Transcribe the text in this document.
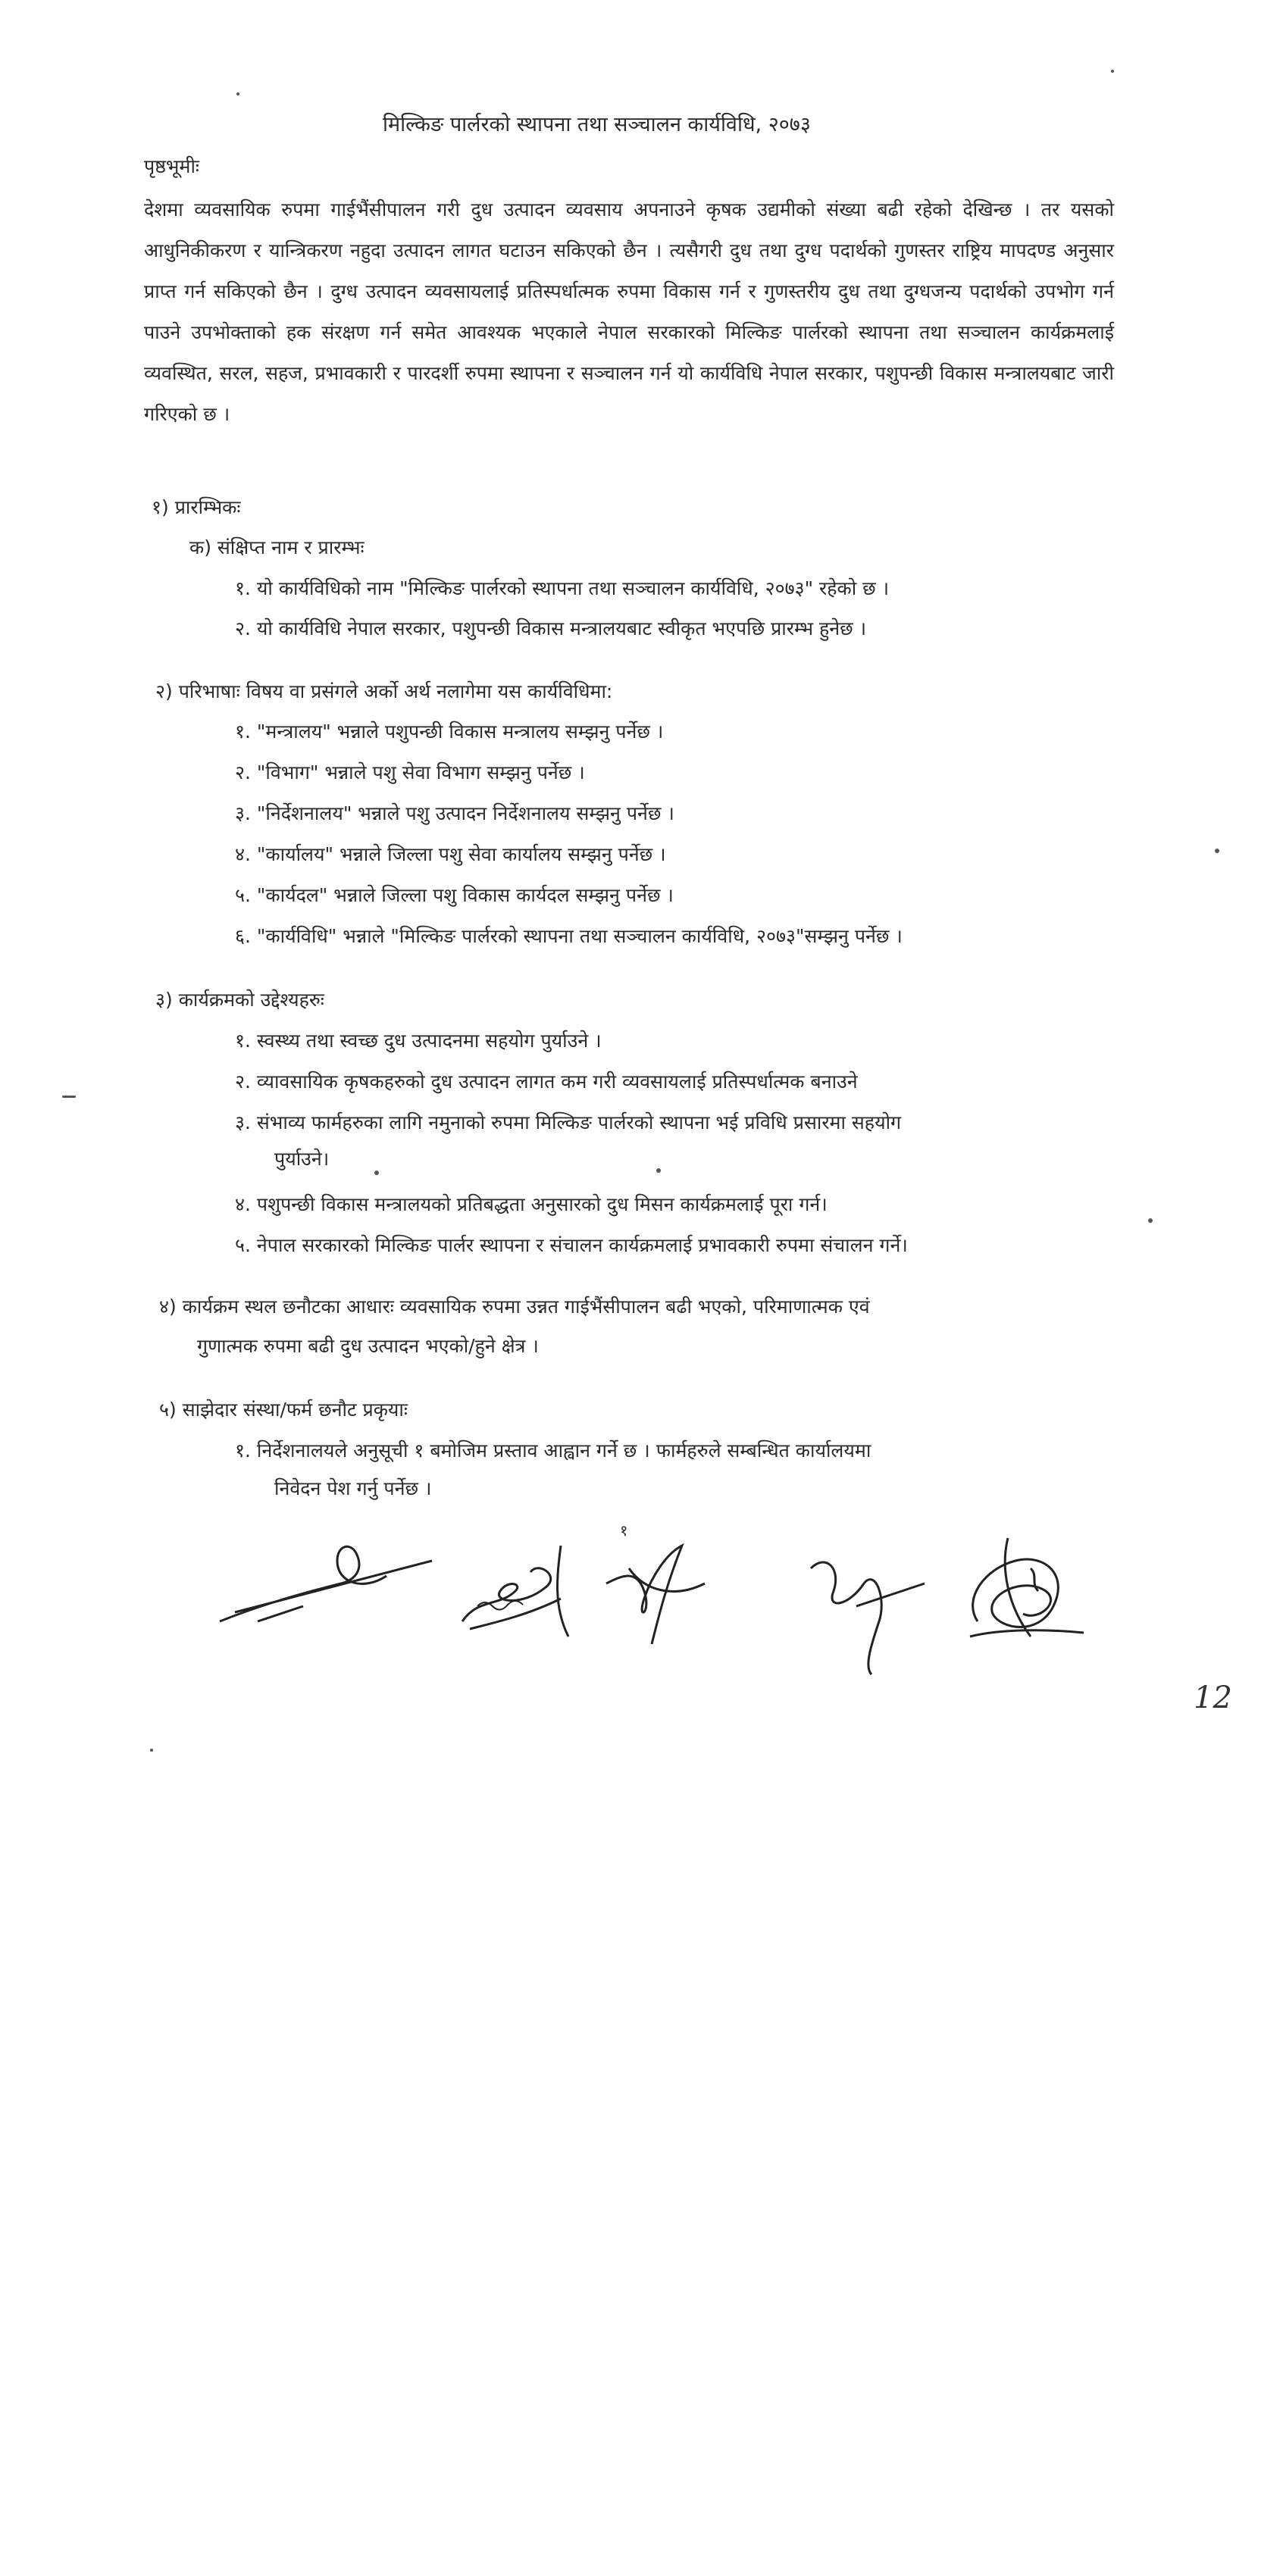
मिल्किङ पार्लरको स्थापना तथा सञ्चालन कार्यविधि, २०७३
पृष्ठभूमीः

देशमा व्यवसायिक रुपमा गाईभैंसीपालन गरी दुध उत्पादन व्यवसाय अपनाउने कृषक उद्यमीको संख्या बढी रहेको देखिन्छ । तर यसको आधुनिकीकरण र यान्त्रिकरण नहुदा उत्पादन लागत घटाउन सकिएको छैन । त्यसैगरी दुध तथा दुग्ध पदार्थको गुणस्तर राष्ट्रिय मापदण्ड अनुसार प्राप्त गर्न सकिएको छैन । दुग्ध उत्पादन व्यवसायलाई प्रतिस्पर्धात्मक रुपमा विकास गर्न र गुणस्तरीय दुध तथा दुग्धजन्य पदार्थको उपभोग गर्न पाउने उपभोक्ताको हक संरक्षण गर्न समेत आवश्यक भएकाले नेपाल सरकारको मिल्किङ पार्लरको स्थापना तथा सञ्चालन कार्यक्रमलाई व्यवस्थित, सरल, सहज, प्रभावकारी र पारदर्शी रुपमा स्थापना र सञ्चालन गर्न यो कार्यविधि नेपाल सरकार, पशुपन्छी विकास मन्त्रालयबाट जारी गरिएको छ ।

१) प्रारम्भिकः
क) संक्षिप्त नाम र प्रारम्भः
१. यो कार्यविधिको नाम "मिल्किङ पार्लरको स्थापना तथा सञ्चालन कार्यविधि, २०७३" रहेको छ ।
२. यो कार्यविधि नेपाल सरकार, पशुपन्छी विकास मन्त्रालयबाट स्वीकृत भएपछि प्रारम्भ हुनेछ ।
२) परिभाषाः विषय वा प्रसंगले अर्को अर्थ नलागेमा यस कार्यविधिमा:
१. "मन्त्रालय" भन्नाले पशुपन्छी विकास मन्त्रालय सम्झनु पर्नेछ ।
२. "विभाग" भन्नाले पशु सेवा विभाग सम्झनु पर्नेछ ।
३. "निर्देशनालय" भन्नाले पशु उत्पादन निर्देशनालय सम्झनु पर्नेछ ।
४. "कार्यालय" भन्नाले जिल्ला पशु सेवा कार्यालय सम्झनु पर्नेछ ।
५. "कार्यदल" भन्नाले जिल्ला पशु विकास कार्यदल सम्झनु पर्नेछ ।
६. "कार्यविधि" भन्नाले "मिल्किङ पार्लरको स्थापना तथा सञ्चालन कार्यविधि, २०७३"सम्झनु पर्नेछ ।
३) कार्यक्रमको उद्देश्यहरुः
१. स्वस्थ्य तथा स्वच्छ दुध उत्पादनमा सहयोग पुर्याउने ।
२. व्यावसायिक कृषकहरुको दुध उत्पादन लागत कम गरी व्यवसायलाई प्रतिस्पर्धात्मक बनाउने
३. संभाव्य फार्महरुका लागि नमुनाको रुपमा मिल्किङ पार्लरको स्थापना भई प्रविधि प्रसारमा सहयोग
पुर्याउने।
४. पशुपन्छी विकास मन्त्रालयको प्रतिबद्धता अनुसारको दुध मिसन कार्यक्रमलाई पूरा गर्न।
५. नेपाल सरकारको मिल्किङ पार्लर स्थापना र संचालन कार्यक्रमलाई प्रभावकारी रुपमा संचालन गर्ने।
४) कार्यक्रम स्थल छनौटका आधारः व्यवसायिक रुपमा उन्नत गाईभैंसीपालन बढी भएको, परिमाणात्मक एवं
गुणात्मक रुपमा बढी दुध उत्पादन भएको/हुने क्षेत्र ।
५) साझेदार संस्था/फर्म छनौट प्रकृयाः
१. निर्देशनालयले अनुसूची १ बमोजिम प्रस्ताव आह्वान गर्ने छ । फार्महरुले सम्बन्धित कार्यालयमा
निवेदन पेश गर्नु पर्नेछ ।
१
12
